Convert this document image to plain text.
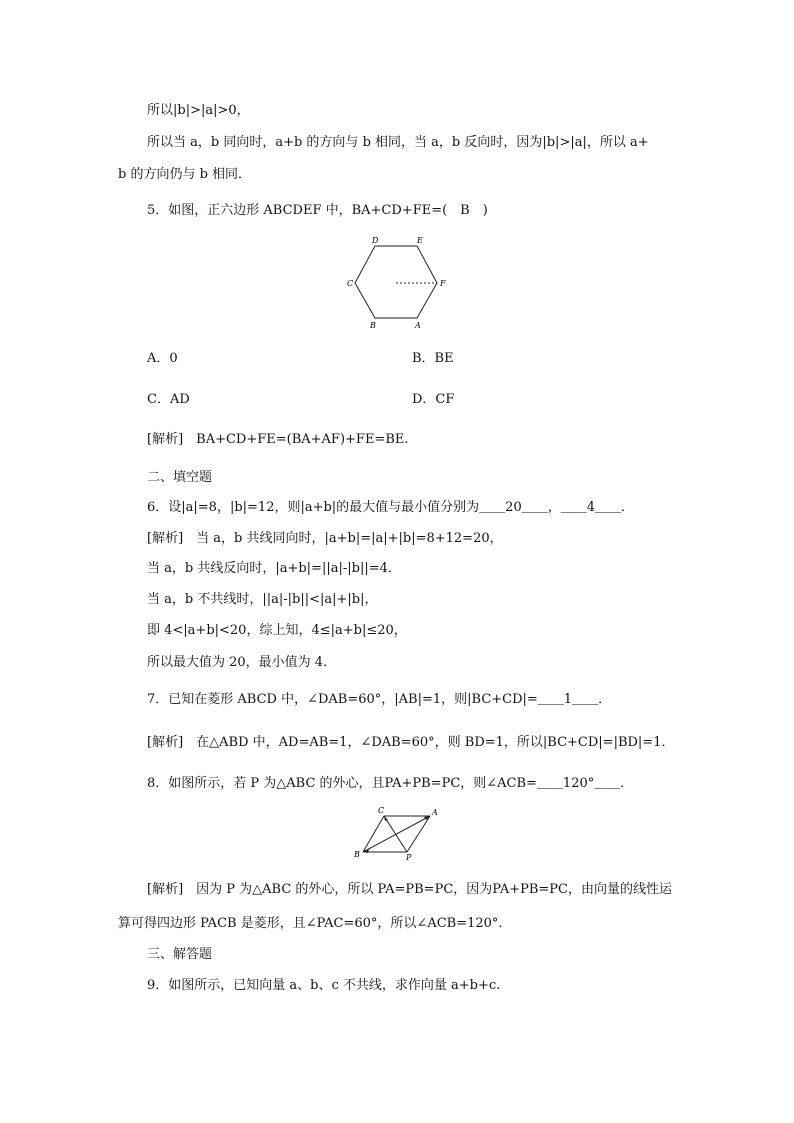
所以|b|>|a|>0，
所以当 a，b 同向时，a+b 的方向与 b 相同，当 a，b 反向时，因为|b|>|a|，所以 a+
b 的方向仍与 b 相同．
5．如图，正六边形 ABCDEF 中，BA+CD+FE=(　B　)
D	E
C	F
B	A
A．0	B．BE
C．AD	D．CF
[解析]　BA+CD+FE=(BA+AF)+FE=BE.
二、填空题
6．设|a|=8，|b|=12，则|a+b|的最大值与最小值分别为＿＿20＿＿，＿＿4＿＿．
[解析]　当 a，b 共线同向时，|a+b|=|a|+|b|=8+12=20，
当 a，b 共线反向时，|a+b|=||a|-|b||=4．
当 a，b 不共线时，||a|-|b||<|a|+|b|，
即 4<|a+b|<20，综上知，4≤|a+b|≤20，
所以最大值为 20，最小值为 4．
7．已知在菱形 ABCD 中，∠DAB=60°，|AB|=1，则|BC+CD|=＿＿1＿＿．
[解析]　在△ABD 中，AD=AB=1，∠DAB=60°，则 BD=1，所以|BC+CD|=|BD|=1．
8．如图所示，若 P 为△ABC 的外心，且PA+PB=PC，则∠ACB=＿＿120°＿＿．
C	A
B	P
[解析]　因为 P 为△ABC 的外心，所以 PA=PB=PC，因为PA+PB=PC，由向量的线性运
算可得四边形 PACB 是菱形，且∠PAC=60°，所以∠ACB=120°．
三、解答题
9．如图所示，已知向量 a、b、c 不共线，求作向量 a+b+c.
